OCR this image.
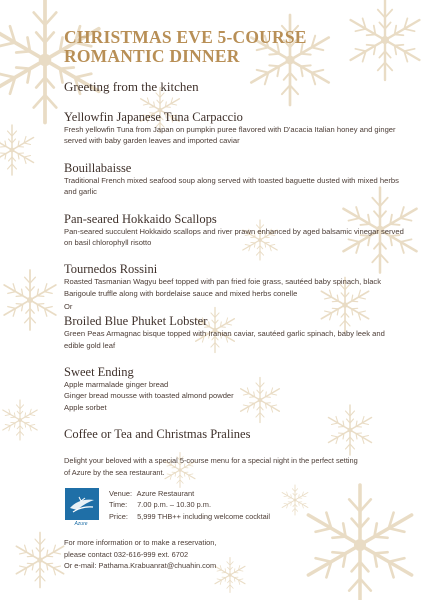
CHRISTMAS EVE 5-COURSE
ROMANTIC DINNER
Greeting from the kitchen
Yellowfin Japanese Tuna Carpaccio
Fresh yellowfin Tuna from Japan on pumpkin puree flavored with D'acacia Italian honey and ginger served with baby garden leaves and imported caviar
Bouillabaisse
Traditional French mixed seafood soup along served with toasted baguette dusted with mixed herbs and garlic
Pan-seared Hokkaido Scallops
Pan-seared succulent Hokkaido scallops and river prawn enhanced by aged balsamic vinegar served on basil chlorophyll risotto
Tournedos Rossini
Roasted Tasmanian Wagyu beef topped with pan fried foie grass, sautéed baby spinach, black Barigoule truffle along with bordelaise sauce and mixed herbs conelle
Or
Broiled Blue Phuket Lobster
Green Peas Armagnac bisque topped with Iranian caviar, sautéed garlic spinach, baby leek and edible gold leaf
Sweet Ending
Apple marmalade ginger bread
Ginger bread mousse with toasted almond powder
Apple sorbet
Coffee or Tea and Christmas Pralines
Delight your beloved with a special 5-course menu for a special night in the perfect setting of Azure by the sea restaurant.
Azure
Venue: Azure Restaurant
Time: 7.00 p.m. – 10.30 p.m.
Price: 5,999 THB++ including welcome cocktail
For more information or to make a reservation,
please contact 032-616-999 ext. 6702
Or e-mail: Pathama.Krabuanrat@chuahin.com
